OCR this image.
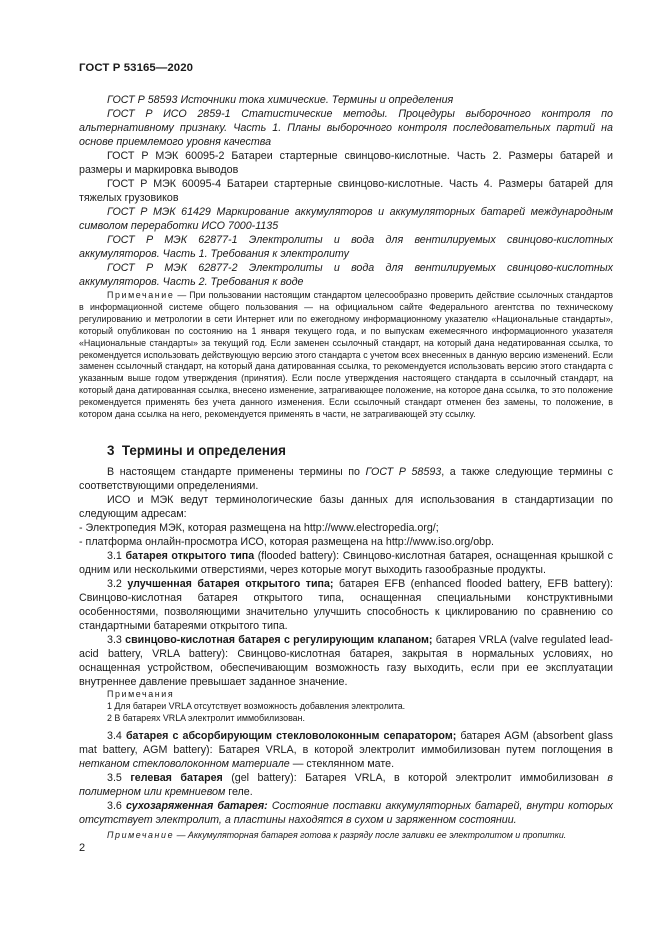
ГОСТ Р 53165—2020

ГОСТ Р 58593 Источники тока химические. Термины и определения

ГОСТ Р ИСО 2859-1 Статистические методы. Процедуры выборочного контроля по альтернативному признаку. Часть 1. Планы выборочного контроля последовательных партий на основе приемлемого уровня качества

ГОСТ Р МЭК 60095-2 Батареи стартерные свинцово-кислотные. Часть 2. Размеры батарей и размеры и маркировка выводов

ГОСТ Р МЭК 60095-4 Батареи стартерные свинцово-кислотные. Часть 4. Размеры батарей для тяжелых грузовиков

ГОСТ Р МЭК 61429 Маркирование аккумуляторов и аккумуляторных батарей международным символом переработки ИСО 7000-1135

ГОСТ Р МЭК 62877-1 Электролиты и вода для вентилируемых свинцово-кислотных аккумуляторов. Часть 1. Требования к электролиту

ГОСТ Р МЭК 62877-2 Электролиты и вода для вентилируемых свинцово-кислотных аккумуляторов. Часть 2. Требования к воде

Примечание — При пользовании настоящим стандартом целесообразно проверить действие ссылочных стандартов в информационной системе общего пользования — на официальном сайте Федерального агентства по техническому регулированию и метрологии в сети Интернет или по ежегодному информационному указателю «Национальные стандарты», который опубликован по состоянию на 1 января текущего года, и по выпускам ежемесячного информационного указателя «Национальные стандарты» за текущий год. Если заменен ссылочный стандарт, на который дана недатированная ссылка, то рекомендуется использовать действующую версию этого стандарта с учетом всех внесенных в данную версию изменений. Если заменен ссылочный стандарт, на который дана датированная ссылка, то рекомендуется использовать версию этого стандарта с указанным выше годом утверждения (принятия). Если после утверждения настоящего стандарта в ссылочный стандарт, на который дана датированная ссылка, внесено изменение, затрагивающее положение, на которое дана ссылка, то это положение рекомендуется применять без учета данного изменения. Если ссылочный стандарт отменен без замены, то положение, в котором дана ссылка на него, рекомендуется применять в части, не затрагивающей эту ссылку.

3 Термины и определения

В настоящем стандарте применены термины по ГОСТ Р 58593, а также следующие термины с соответствующими определениями.

ИСО и МЭК ведут терминологические базы данных для использования в стандартизации по следующим адресам:

- Электропедия МЭК, которая размещена на http://www.electropedia.org/;

- платформа онлайн-просмотра ИСО, которая размещена на http://www.iso.org/obp.

3.1 батарея открытого типа (flooded battery): Свинцово-кислотная батарея, оснащенная крышкой с одним или несколькими отверстиями, через которые могут выходить газообразные продукты.

3.2 улучшенная батарея открытого типа; батарея EFB (enhanced flooded battery, EFB battery): Свинцово-кислотная батарея открытого типа, оснащенная специальными конструктивными особенностями, позволяющими значительно улучшить способность к циклированию по сравнению со стандартными батареями открытого типа.

3.3 свинцово-кислотная батарея с регулирующим клапаном; батарея VRLA (valve regulated lead-acid battery, VRLA battery): Свинцово-кислотная батарея, закрытая в нормальных условиях, но оснащенная устройством, обеспечивающим возможность газу выходить, если при ее эксплуатации внутреннее давление превышает заданное значение.

Примечания

1 Для батареи VRLA отсутствует возможность добавления электролита.

2 В батареях VRLA электролит иммобилизован.

3.4 батарея с абсорбирующим стекловолоконным сепаратором; батарея AGM (absorbent glass mat battery, AGM battery): Батарея VRLA, в которой электролит иммобилизован путем поглощения в нетканом стекловолоконном материале — стеклянном мате.

3.5 гелевая батарея (gel battery): Батарея VRLA, в которой электролит иммобилизован в полимерном или кремниевом геле.

3.6 сухозаряженная батарея: Состояние поставки аккумуляторных батарей, внутри которых отсутствует электролит, а пластины находятся в сухом и заряженном состоянии.

Примечание — Аккумуляторная батарея готова к разряду после заливки ее электролитом и пропитки.

2
